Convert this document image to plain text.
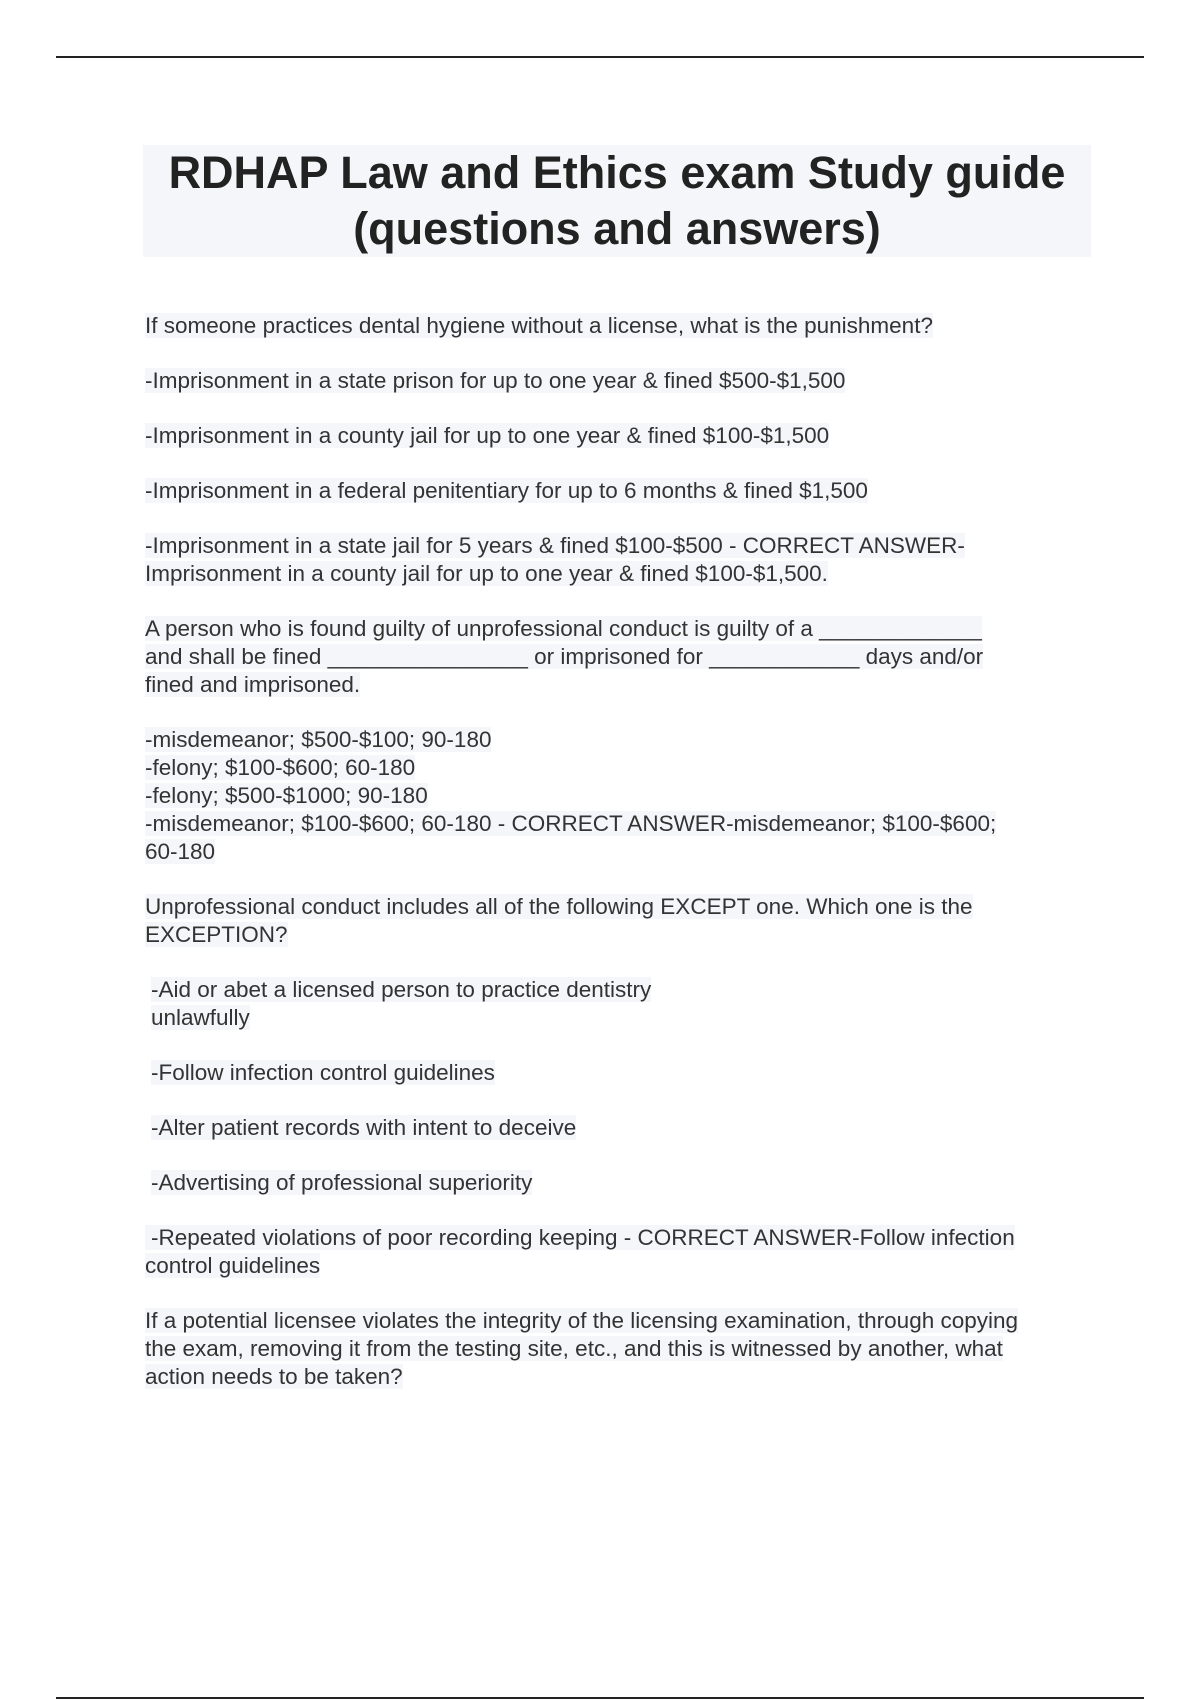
RDHAP Law and Ethics exam Study guide (questions and answers)
If someone practices dental hygiene without a license, what is the punishment?
-Imprisonment in a state prison for up to one year & fined $500-$1,500
-Imprisonment in a county jail for up to one year & fined $100-$1,500
-Imprisonment in a federal penitentiary for up to 6 months & fined $1,500
-Imprisonment in a state jail for 5 years & fined $100-$500 - CORRECT ANSWER-
Imprisonment in a county jail for up to one year & fined $100-$1,500.
A person who is found guilty of unprofessional conduct is guilty of a _____________
and shall be fined ________________ or imprisoned for ____________ days and/or
fined and imprisoned.
-misdemeanor; $500-$100; 90-180
-felony; $100-$600; 60-180
-felony; $500-$1000; 90-180
-misdemeanor; $100-$600; 60-180 - CORRECT ANSWER-misdemeanor; $100-$600;
60-180
Unprofessional conduct includes all of the following EXCEPT one. Which one is the
EXCEPTION?
-Aid or abet a licensed person to practice dentistry
unlawfully
-Follow infection control guidelines
-Alter patient records with intent to deceive
-Advertising of professional superiority
-Repeated violations of poor recording keeping - CORRECT ANSWER-Follow infection
control guidelines
If a potential licensee violates the integrity of the licensing examination, through copying
the exam, removing it from the testing site, etc., and this is witnessed by another, what
action needs to be taken?
